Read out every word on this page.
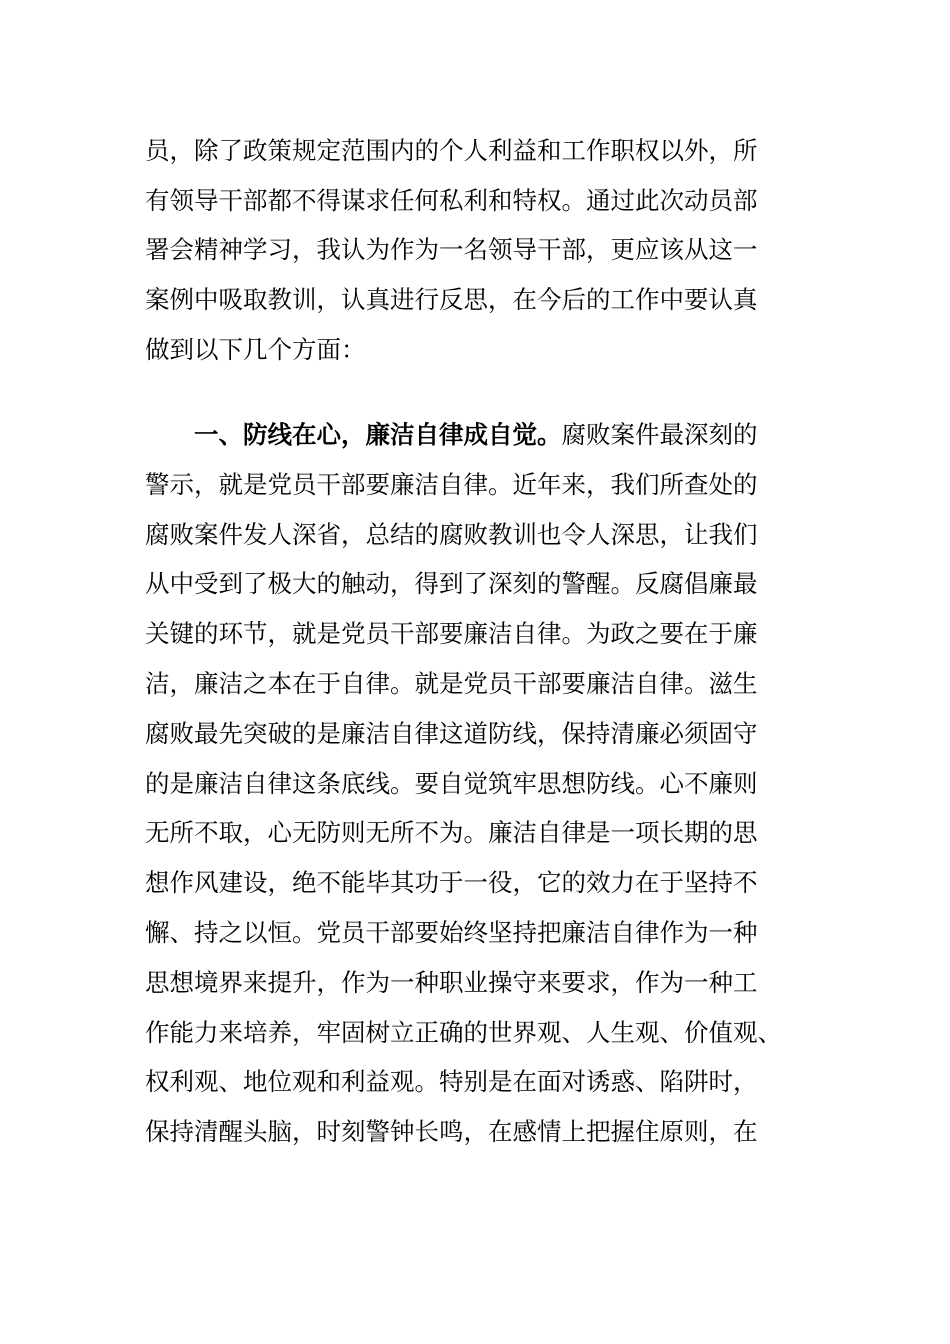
员，除了政策规定范围内的个人利益和工作职权以外，所
有领导干部都不得谋求任何私利和特权。通过此次动员部
署会精神学习，我认为作为一名领导干部，更应该从这一
案例中吸取教训，认真进行反思，在今后的工作中要认真
做到以下几个方面：
一、防线在心，廉洁自律成自觉。腐败案件最深刻的
警示，就是党员干部要廉洁自律。近年来，我们所查处的
腐败案件发人深省，总结的腐败教训也令人深思，让我们
从中受到了极大的触动，得到了深刻的警醒。反腐倡廉最
关键的环节，就是党员干部要廉洁自律。为政之要在于廉
洁，廉洁之本在于自律。就是党员干部要廉洁自律。滋生
腐败最先突破的是廉洁自律这道防线，保持清廉必须固守
的是廉洁自律这条底线。要自觉筑牢思想防线。心不廉则
无所不取，心无防则无所不为。廉洁自律是一项长期的思
想作风建设，绝不能毕其功于一役，它的效力在于坚持不
懈、持之以恒。党员干部要始终坚持把廉洁自律作为一种
思想境界来提升，作为一种职业操守来要求，作为一种工
作能力来培养，牢固树立正确的世界观、人生观、价值观、
权利观、地位观和利益观。特别是在面对诱惑、陷阱时，
保持清醒头脑，时刻警钟长鸣，在感情上把握住原则，在
